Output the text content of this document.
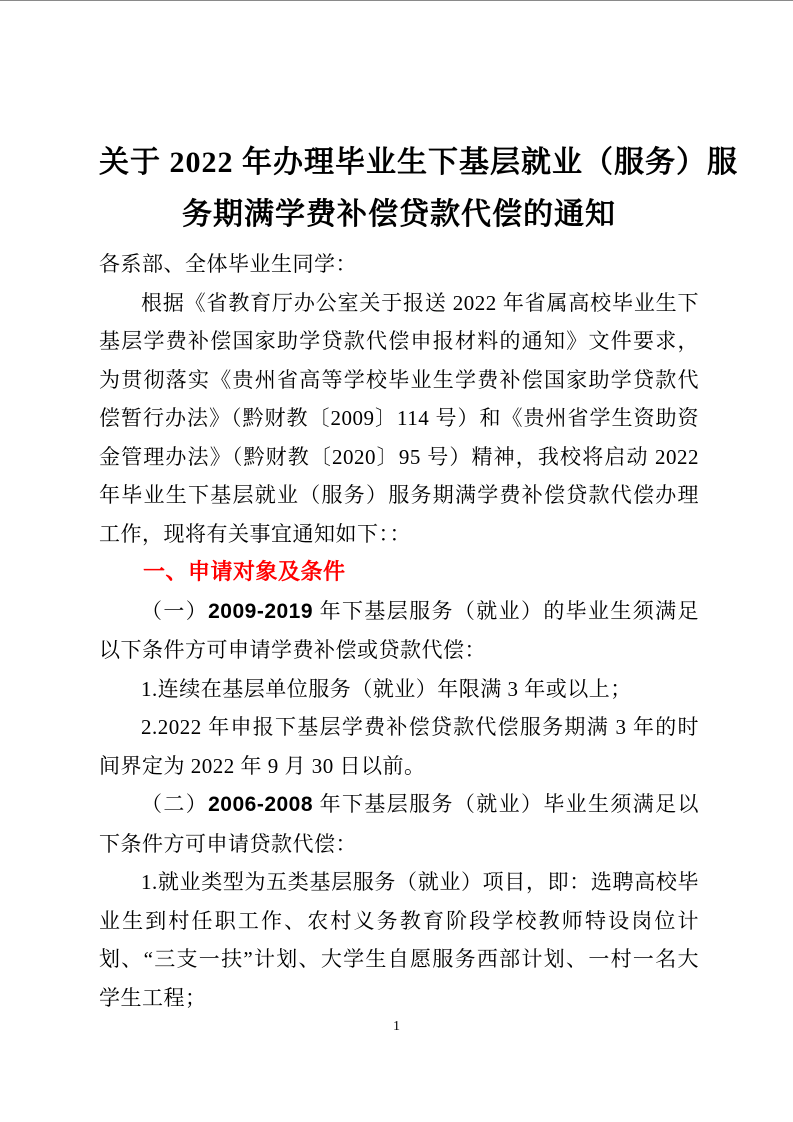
关于 2022 年办理毕业生下基层就业（服务）服
务期满学费补偿贷款代偿的通知

各系部、全体毕业生同学：

根据《省教育厅办公室关于报送 2022 年省属高校毕业生下基层学费补偿国家助学贷款代偿申报材料的通知》文件要求，为贯彻落实《贵州省高等学校毕业生学费补偿国家助学贷款代偿暂行办法》（黔财教〔2009〕114 号）和《贵州省学生资助资金管理办法》（黔财教〔2020〕95 号）精神，我校将启动 2022 年毕业生下基层就业（服务）服务期满学费补偿贷款代偿办理工作，现将有关事宜通知如下：：

一、申请对象及条件

（一）2009-2019 年下基层服务（就业）的毕业生须满足以下条件方可申请学费补偿或贷款代偿：

1.连续在基层单位服务（就业）年限满 3 年或以上；

2.2022 年申报下基层学费补偿贷款代偿服务期满 3 年的时间界定为 2022 年 9 月 30 日以前。

（二）2006-2008 年下基层服务（就业）毕业生须满足以下条件方可申请贷款代偿：

1.就业类型为五类基层服务（就业）项目，即：选聘高校毕业生到村任职工作、农村义务教育阶段学校教师特设岗位计划、“三支一扶”计划、大学生自愿服务西部计划、一村一名大学生工程；

1
